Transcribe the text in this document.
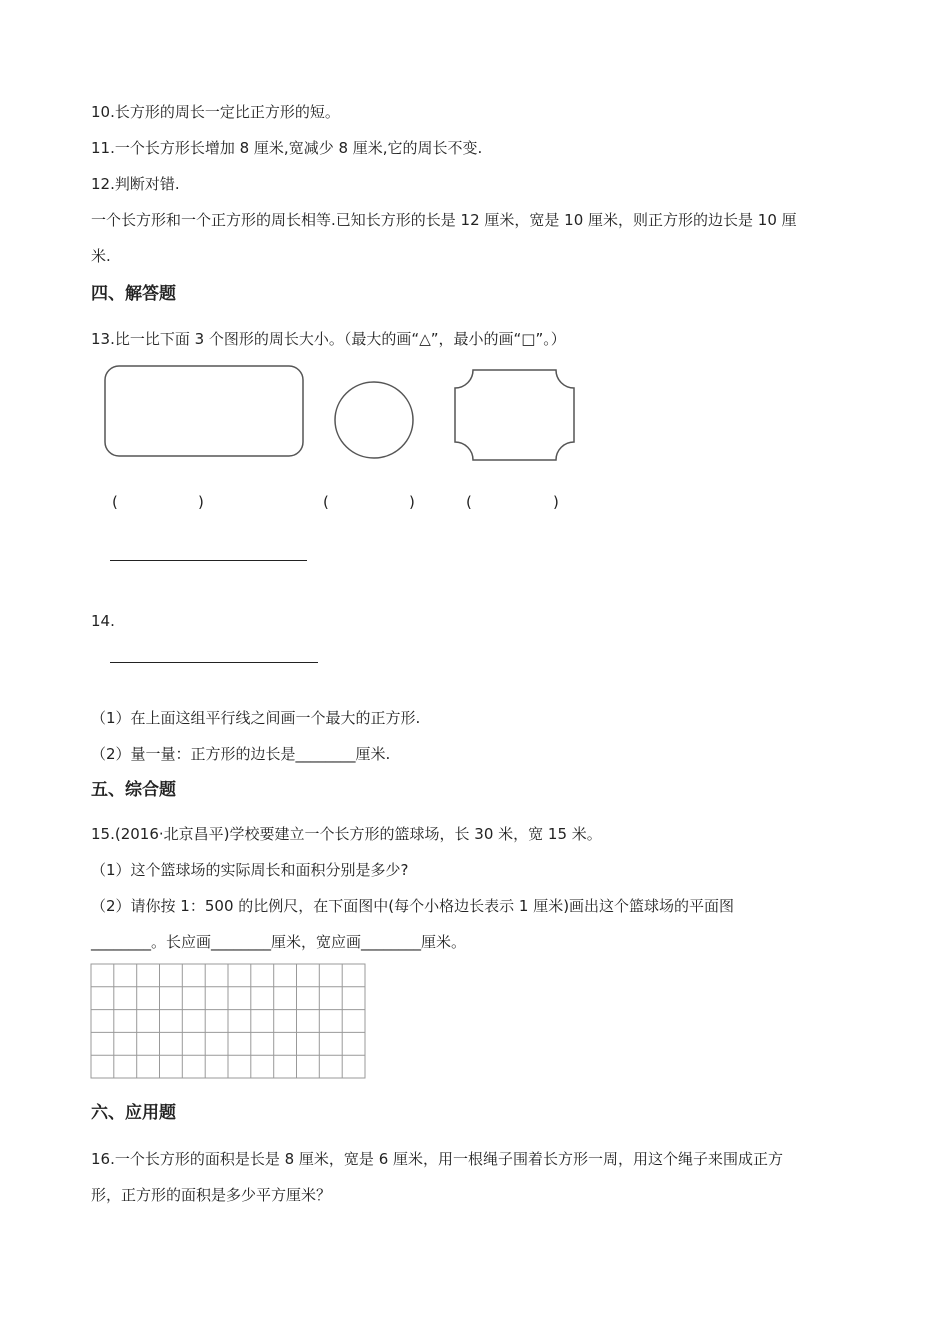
10.长方形的周长一定比正方形的短。
11.一个长方形长增加 8 厘米,宽减少 8 厘米,它的周长不变.
12.判断对错.
一个长方形和一个正方形的周长相等.已知长方形的长是 12 厘米，宽是 10 厘米，则正方形的边长是 10 厘
米.
四、解答题
13.比一比下面 3 个图形的周长大小。（最大的画“△”，最小的画“□”。）
(	)	(	)	(	)
14.
（1）在上面这组平行线之间画一个最大的正方形.
（2）量一量：正方形的边长是________厘米.
五、综合题
15.(2016·北京昌平)学校要建立一个长方形的篮球场，长 30 米，宽 15 米。
（1）这个篮球场的实际周长和面积分别是多少?
（2）请你按 1：500 的比例尺，在下面图中(每个小格边长表示 1 厘米)画出这个篮球场的平面图
________。长应画________厘米，宽应画________厘米。
六、应用题
16.一个长方形的面积是长是 8 厘米，宽是 6 厘米，用一根绳子围着长方形一周，用这个绳子来围成正方
形，正方形的面积是多少平方厘米？
